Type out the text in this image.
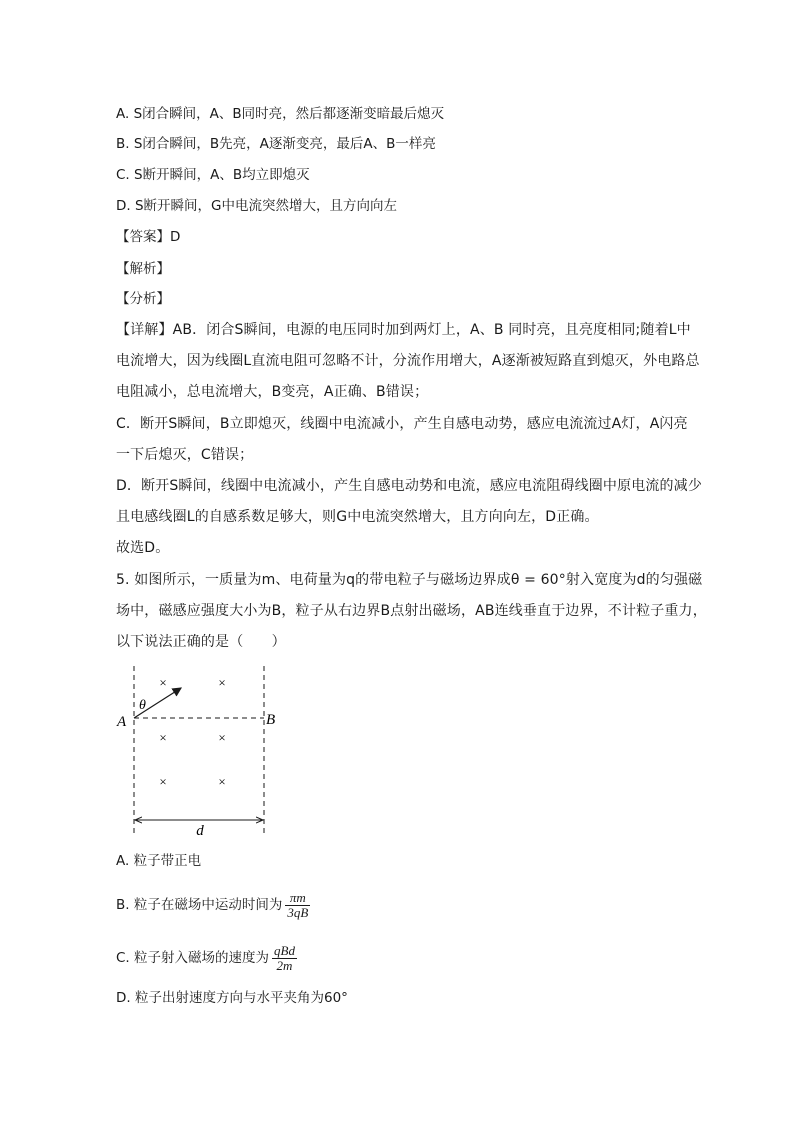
A. S闭合瞬间，A、B同时亮，然后都逐渐变暗最后熄灭
B. S闭合瞬间，B先亮，A逐渐变亮，最后A、B一样亮
C. S断开瞬间，A、B均立即熄灭
D. S断开瞬间，G中电流突然增大，且方向向左
【答案】D
【解析】
【分析】
【详解】AB．闭合S瞬间，电源的电压同时加到两灯上，A、B 同时亮，且亮度相同;随着L中
电流增大，因为线圈L直流电阻可忽略不计，分流作用增大，A逐渐被短路直到熄灭，外电路总
电阻减小，总电流增大，B变亮，A正确、B错误；
C．断开S瞬间，B立即熄灭，线圈中电流减小，产生自感电动势，感应电流流过A灯，A闪亮
一下后熄灭，C错误；
D．断开S瞬间，线圈中电流减小，产生自感电动势和电流，感应电流阻碍线圈中原电流的减少
且电感线圈L的自感系数足够大，则G中电流突然增大，且方向向左，D正确。
故选D。
5. 如图所示，一质量为m、电荷量为q的带电粒子与磁场边界成θ = 60°射入宽度为d的匀强磁
场中，磁感应强度大小为B，粒子从右边界B点射出磁场，AB连线垂直于边界，不计粒子重力，
以下说法正确的是（　　）
×	×
×	×
×	×
θ
A	B
d
A. 粒子带正电
B. 粒子在磁场中运动时间为 $\frac{\pi m}{3qB}$
C. 粒子射入磁场的速度为 $\frac{\text{qBd}}{2m}$
D. 粒子出射速度方向与水平夹角为60°
